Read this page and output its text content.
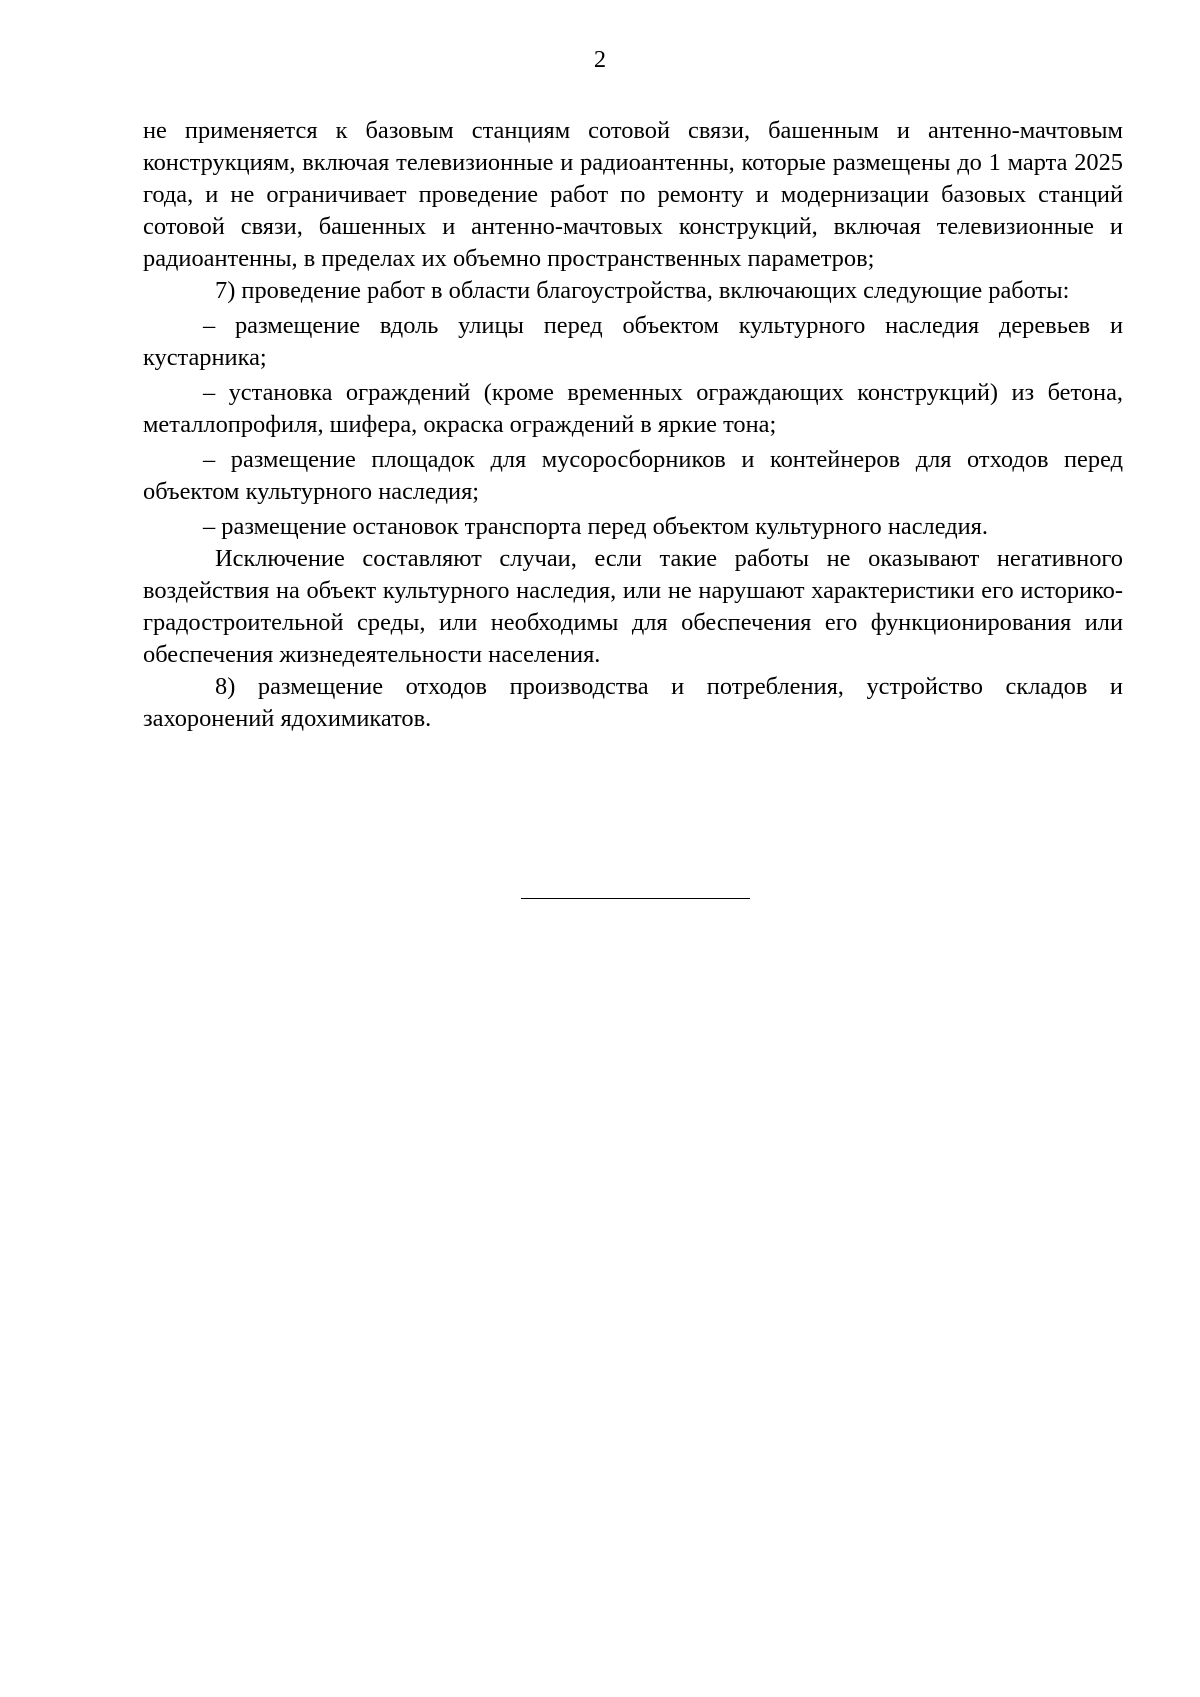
2

не применяется к базовым станциям сотовой связи, башенным и антенно-мачтовым конструкциям, включая телевизионные и радиоантенны, которые размещены до 1 марта 2025 года, и не ограничивает проведение работ по ремонту и модернизации базовых станций сотовой связи, башенных и антенно-мачтовых конструкций, включая телевизионные и радиоантенны, в пределах их объемно пространственных параметров;

7) проведение работ в области благоустройства, включающих следующие работы:

– размещение вдоль улицы перед объектом культурного наследия деревьев и кустарника;

– установка ограждений (кроме временных ограждающих конструкций) из бетона, металлопрофиля, шифера, окраска ограждений в яркие тона;

– размещение площадок для мусоросборников и контейнеров для отходов перед объектом культурного наследия;

– размещение остановок транспорта перед объектом культурного наследия.

Исключение составляют случаи, если такие работы не оказывают негативного воздействия на объект культурного наследия, или не нарушают характеристики его историко-градостроительной среды, или необходимы для обеспечения его функционирования или обеспечения жизнедеятельности населения.

8) размещение отходов производства и потребления, устройство складов и захоронений ядохимикатов.
